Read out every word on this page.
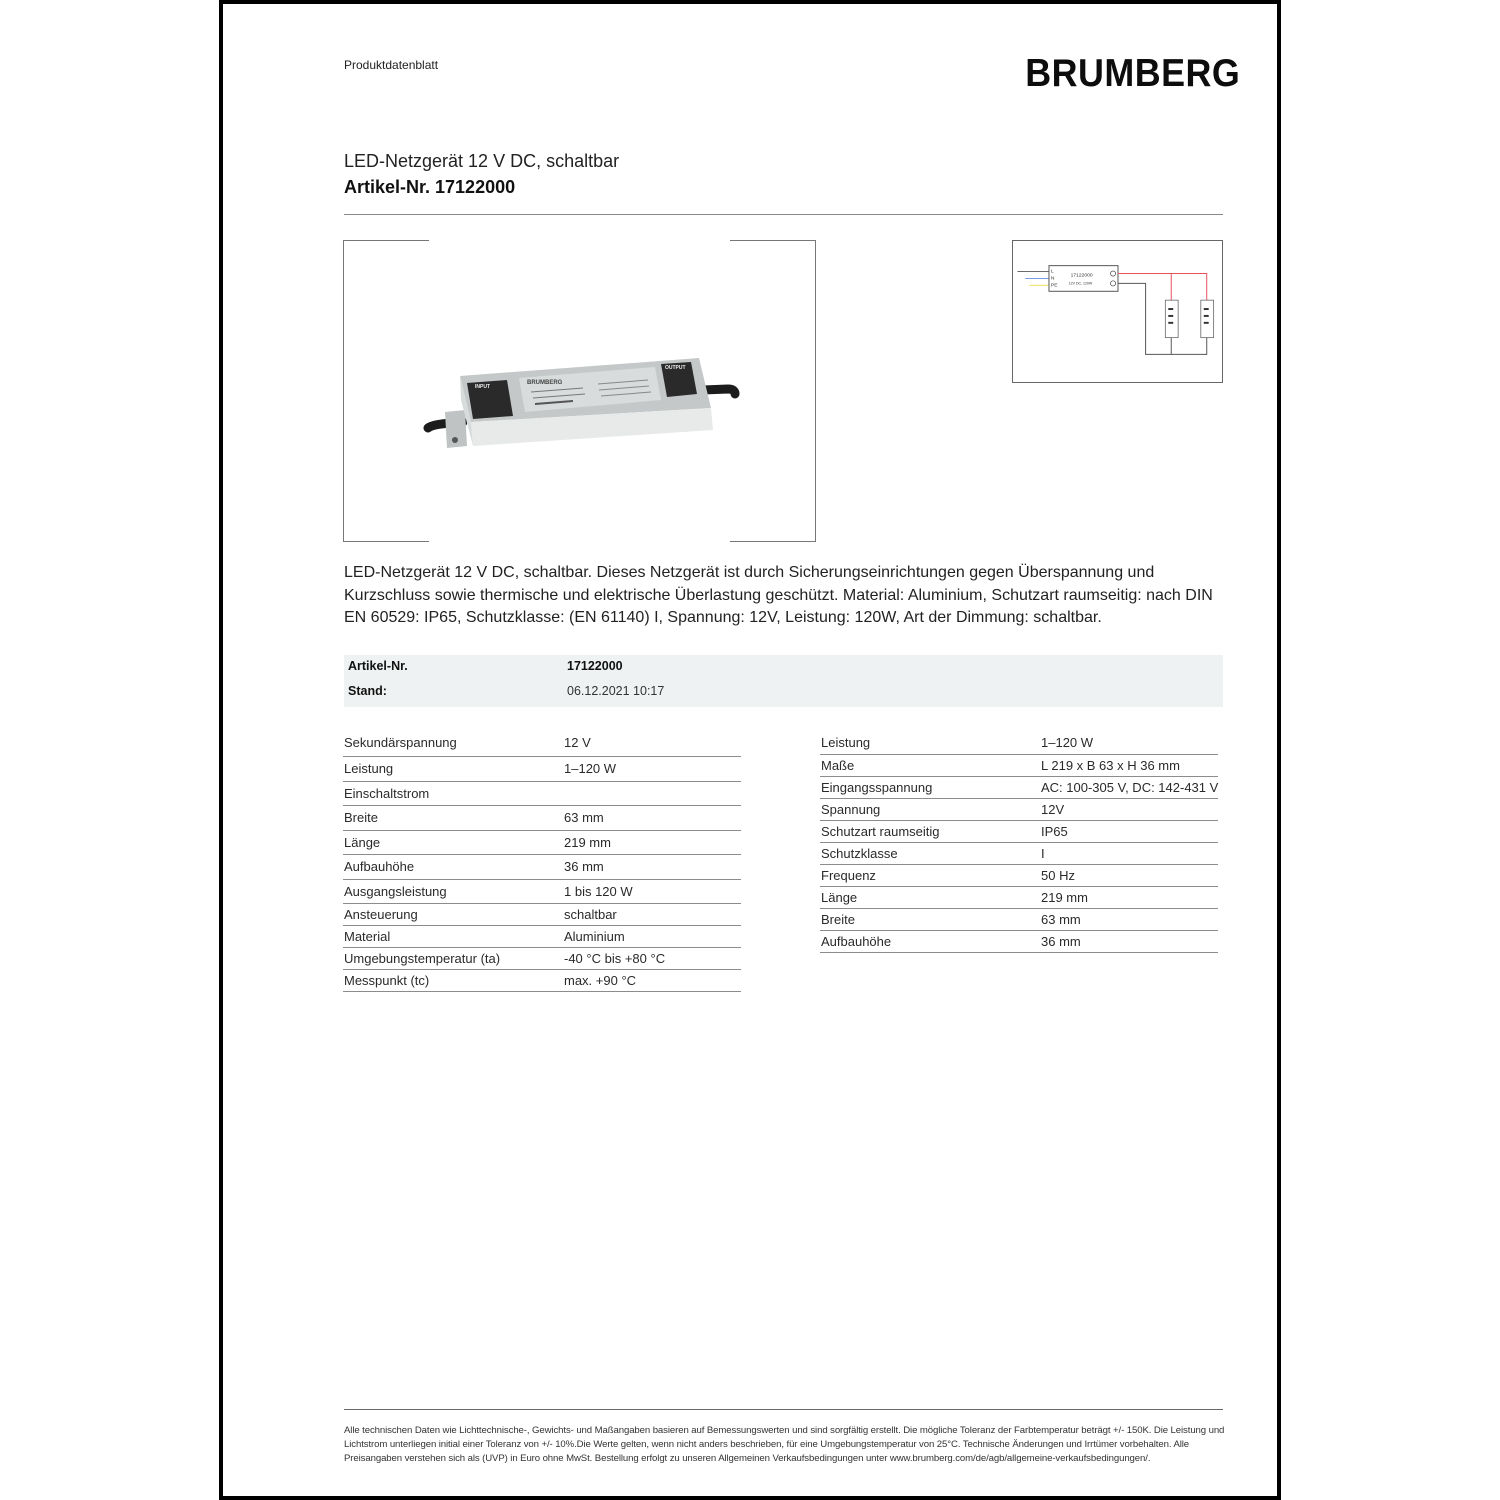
Produktdatenblatt	BRUMBERG
LED-Netzgerät 12 V DC, schaltbar
Artikel-Nr. 17122000
INPUT
OUTPUT
BRUMBERG
L
N
PE
17122000
12V DC, 120W
LED-Netzgerät 12 V DC, schaltbar. Dieses Netzgerät ist durch Sicherungseinrichtungen gegen Überspannung und Kurzschluss sowie thermische und elektrische Überlastung geschützt. Material: Aluminium, Schutzart raumseitig: nach DIN EN 60529: IP65, Schutzklasse: (EN 61140) I, Spannung: 12V, Leistung: 120W, Art der Dimmung: schaltbar.
Artikel-Nr.	17122000
Stand:	06.12.2021 10:17
Sekundärspannung	12 V
Leistung	1–120 W
Einschaltstrom
Breite	63 mm
Länge	219 mm
Aufbauhöhe	36 mm
Ausgangsleistung	1 bis 120 W
Ansteuerung	schaltbar
Material	Aluminium
Umgebungstemperatur (ta)	-40 °C bis +80 °C
Messpunkt (tc)	max. +90 °C
Leistung	1–120 W
Maße	L 219 x B 63 x H 36 mm
Eingangsspannung	AC: 100-305 V, DC: 142-431 V
Spannung	12V
Schutzart raumseitig	IP65
Schutzklasse	I
Frequenz	50 Hz
Länge	219 mm
Breite	63 mm
Aufbauhöhe	36 mm
Alle technischen Daten wie Lichttechnische-, Gewichts- und Maßangaben basieren auf Bemessungswerten und sind sorgfältig erstellt. Die mögliche Toleranz der Farbtemperatur beträgt +/- 150K. Die Leistung und Lichtstrom unterliegen initial einer Toleranz von +/- 10%.Die Werte gelten, wenn nicht anders beschrieben, für eine Umgebungstemperatur von 25°C. Technische Änderungen und Irrtümer vorbehalten. Alle Preisangaben verstehen sich als (UVP) in Euro ohne MwSt. Bestellung erfolgt zu unseren Allgemeinen Verkaufsbedingungen unter www.brumberg.com/de/agb/allgemeine-verkaufsbedingungen/.
